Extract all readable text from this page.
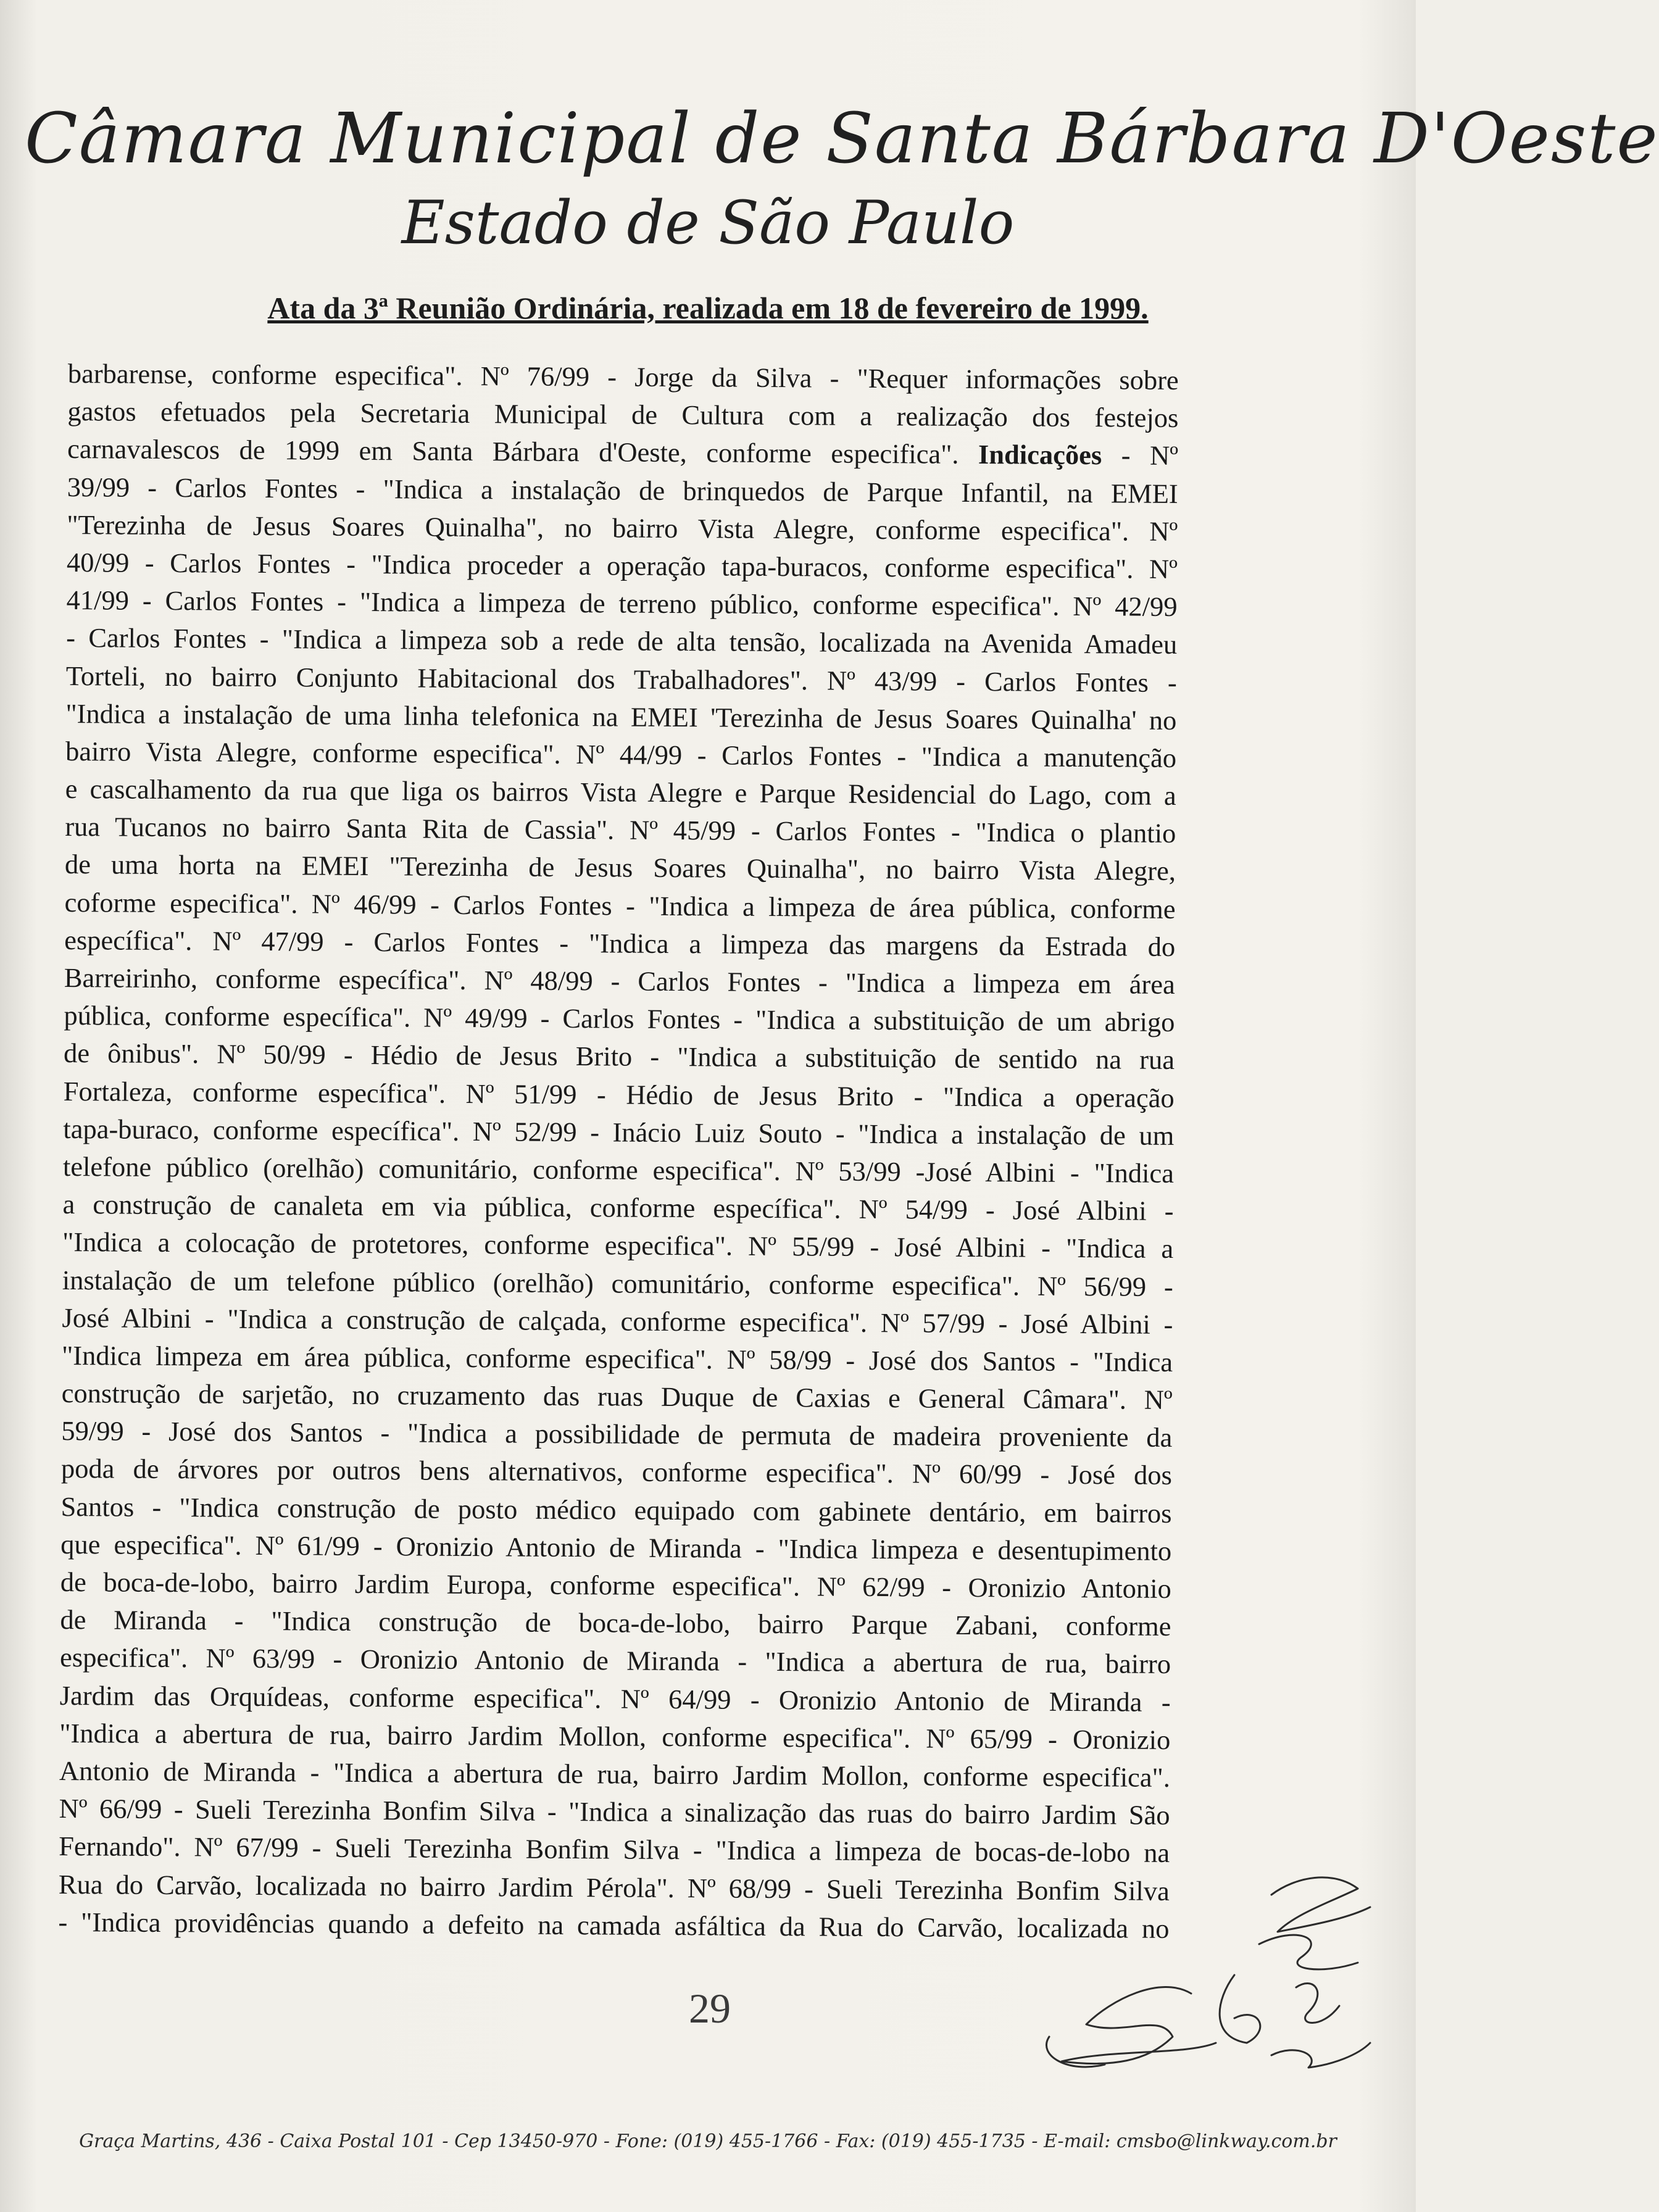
Câmara Municipal de Santa Bárbara D'Oeste
Estado de São Paulo
Ata da 3ª Reunião Ordinária, realizada em 18 de fevereiro de 1999.
barbarense, conforme especifica". Nº 76/99 - Jorge da Silva - "Requer informações sobre
gastos efetuados pela Secretaria Municipal de Cultura com a realização dos festejos
carnavalescos de 1999 em Santa Bárbara d'Oeste, conforme especifica". Indicações - Nº
39/99 - Carlos Fontes - "Indica a instalação de brinquedos de Parque Infantil, na EMEI
"Terezinha de Jesus Soares Quinalha", no bairro Vista Alegre, conforme especifica". Nº
40/99 - Carlos Fontes - "Indica proceder a operação tapa-buracos, conforme especifica". Nº
41/99 - Carlos Fontes - "Indica a limpeza de terreno público, conforme especifica". Nº 42/99
- Carlos Fontes - "Indica a limpeza sob a rede de alta tensão, localizada na Avenida Amadeu
Torteli, no bairro Conjunto Habitacional dos Trabalhadores". Nº 43/99 - Carlos Fontes -
"Indica a instalação de uma linha telefonica na EMEI 'Terezinha de Jesus Soares Quinalha' no
bairro Vista Alegre, conforme especifica". Nº 44/99 - Carlos Fontes - "Indica a manutenção
e cascalhamento da rua que liga os bairros Vista Alegre e Parque Residencial do Lago, com a
rua Tucanos no bairro Santa Rita de Cassia". Nº 45/99 - Carlos Fontes - "Indica o plantio
de uma horta na EMEI "Terezinha de Jesus Soares Quinalha", no bairro Vista Alegre,
coforme especifica". Nº 46/99 - Carlos Fontes - "Indica a limpeza de área pública, conforme
específica". Nº 47/99 - Carlos Fontes - "Indica a limpeza das margens da Estrada do
Barreirinho, conforme específica". Nº 48/99 - Carlos Fontes - "Indica a limpeza em área
pública, conforme específica". Nº 49/99 - Carlos Fontes - "Indica a substituição de um abrigo
de ônibus". Nº 50/99 - Hédio de Jesus Brito - "Indica a substituição de sentido na rua
Fortaleza, conforme específica". Nº 51/99 - Hédio de Jesus Brito - "Indica a operação
tapa-buraco, conforme específica". Nº 52/99 - Inácio Luiz Souto - "Indica a instalação de um
telefone público (orelhão) comunitário, conforme especifica". Nº 53/99 -José Albini - "Indica
a construção de canaleta em via pública, conforme específica". Nº 54/99 - José Albini -
"Indica a colocação de protetores, conforme especifica". Nº 55/99 - José Albini - "Indica a
instalação de um telefone público (orelhão) comunitário, conforme especifica". Nº 56/99 -
José Albini - "Indica a construção de calçada, conforme especifica". Nº 57/99 - José Albini -
"Indica limpeza em área pública, conforme especifica". Nº 58/99 - José dos Santos - "Indica
construção de sarjetão, no cruzamento das ruas Duque de Caxias e General Câmara". Nº
59/99 - José dos Santos - "Indica a possibilidade de permuta de madeira proveniente da
poda de árvores por outros bens alternativos, conforme especifica". Nº 60/99 - José dos
Santos - "Indica construção de posto médico equipado com gabinete dentário, em bairros
que especifica". Nº 61/99 - Oronizio Antonio de Miranda - "Indica limpeza e desentupimento
de boca-de-lobo, bairro Jardim Europa, conforme especifica". Nº 62/99 - Oronizio Antonio
de Miranda - "Indica construção de boca-de-lobo, bairro Parque Zabani, conforme
especifica". Nº 63/99 - Oronizio Antonio de Miranda - "Indica a abertura de rua, bairro
Jardim das Orquídeas, conforme especifica". Nº 64/99 - Oronizio Antonio de Miranda -
"Indica a abertura de rua, bairro Jardim Mollon, conforme especifica". Nº 65/99 - Oronizio
Antonio de Miranda - "Indica a abertura de rua, bairro Jardim Mollon, conforme especifica".
Nº 66/99 - Sueli Terezinha Bonfim Silva - "Indica a sinalização das ruas do bairro Jardim São
Fernando". Nº 67/99 - Sueli Terezinha Bonfim Silva - "Indica a limpeza de bocas-de-lobo na
Rua do Carvão, localizada no bairro Jardim Pérola". Nº 68/99 - Sueli Terezinha Bonfim Silva
- "Indica providências quando a defeito na camada asfáltica da Rua do Carvão, localizada no
29
Graça Martins, 436 - Caixa Postal 101 - Cep 13450-970 - Fone: (019) 455-1766 - Fax: (019) 455-1735 - E-mail: cmsbo@linkway.com.br
